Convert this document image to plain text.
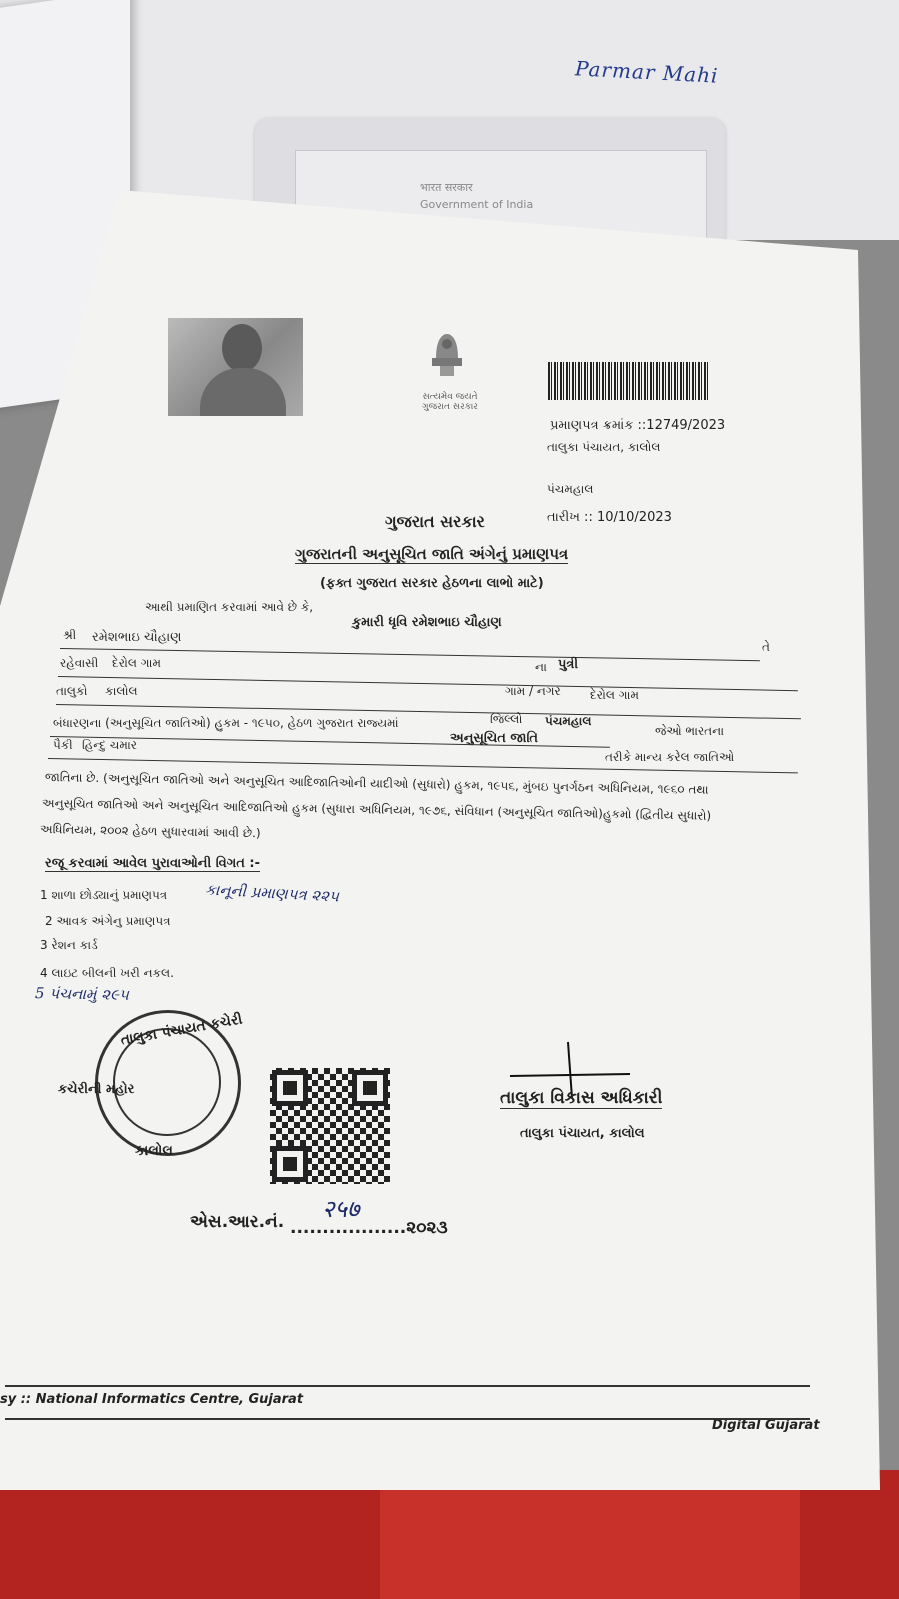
भारत सरकार
Government of India
Parmar Mahi
સત્યમેવ જયતે ગુજરાત સરકાર
પ્રમાણપત્ર ક્રમાંક ::12749/2023
તાલુકા પંચાયત, કાલોલ
પંચમહાલ
તારીખ :: 10/10/2023
ગુજરાત સરકાર
ગુજરાતની અનુસૂચિત જાતિ અંગેનું પ્રમાણપત્ર
(ફક્ત ગુજરાત સરકાર હેઠળના લાભો માટે)
આથી પ્રમાણિત કરવામાં આવે છે કે,
કુમારી ધૃવિ રમેશભાઇ ચૌહાણ
શ્રી રમેશભાઇ ચૌહાણ
તે
રહેવાસી દેરોલ ગામ	ના પુત્રી
તાલુકો કાલોલ	ગામ / નગર દેરોલ ગામ
જિલ્લો પંચમહાલ
જેઓ ભારતના
બંધારણના (અનુસૂચિત જાતિઓ) હુકમ - ૧૯૫૦, હેઠળ ગુજરાત રાજ્યમાં
અનુસૂચિત જાતિ
તરીકે માન્ય કરેલ જાતિઓ
પૈકી હિન્દુ ચમાર
જાતિના છે. (અનુસૂચિત જાતિઓ અને અનુસૂચિત આદિજાતિઓની યાદીઓ (સુધારો) હુકમ, ૧૯૫૬, મુંબઇ પુનર્ગઠન અધિનિયમ, ૧૯૬૦ તથા
અનુસૂચિત જાતિઓ અને અનુસૂચિત આદિજાતિઓ હુકમ (સુધારા અધિનિયમ, ૧૯૭૬, સંવિધાન (અનુસૂચિત જાતિઓ)હુકમો (દ્વિતીય સુધારો)
અધિનિયમ, ૨૦૦૨ હેઠળ સુધારવામાં આવી છે.)
રજૂ કરવામાં આવેલ પુરાવાઓની વિગત :-
1 શાળા છોડ્યાનું પ્રમાણપત્ર
2 આવક અંગેનુ પ્રમાણપત્ર
3 રેશન કાર્ડ
4 લાઇટ બીલની ખરી નકલ.
કાનૂની પ્રમાણપત્ર ૨૨૫
5 પંચનામું ૨૯૫
તાલુકા પંચાયત કચેરી
કાલોલ
કચેરીની મહોર	તાલુકા વિકાસ અધિકારી
તાલુકા પંચાયત, કાલોલ
એસ.આર.નં. २५७
..................૨૦૨૩
sy :: National Informatics Centre, Gujarat
Digital Gujarat
